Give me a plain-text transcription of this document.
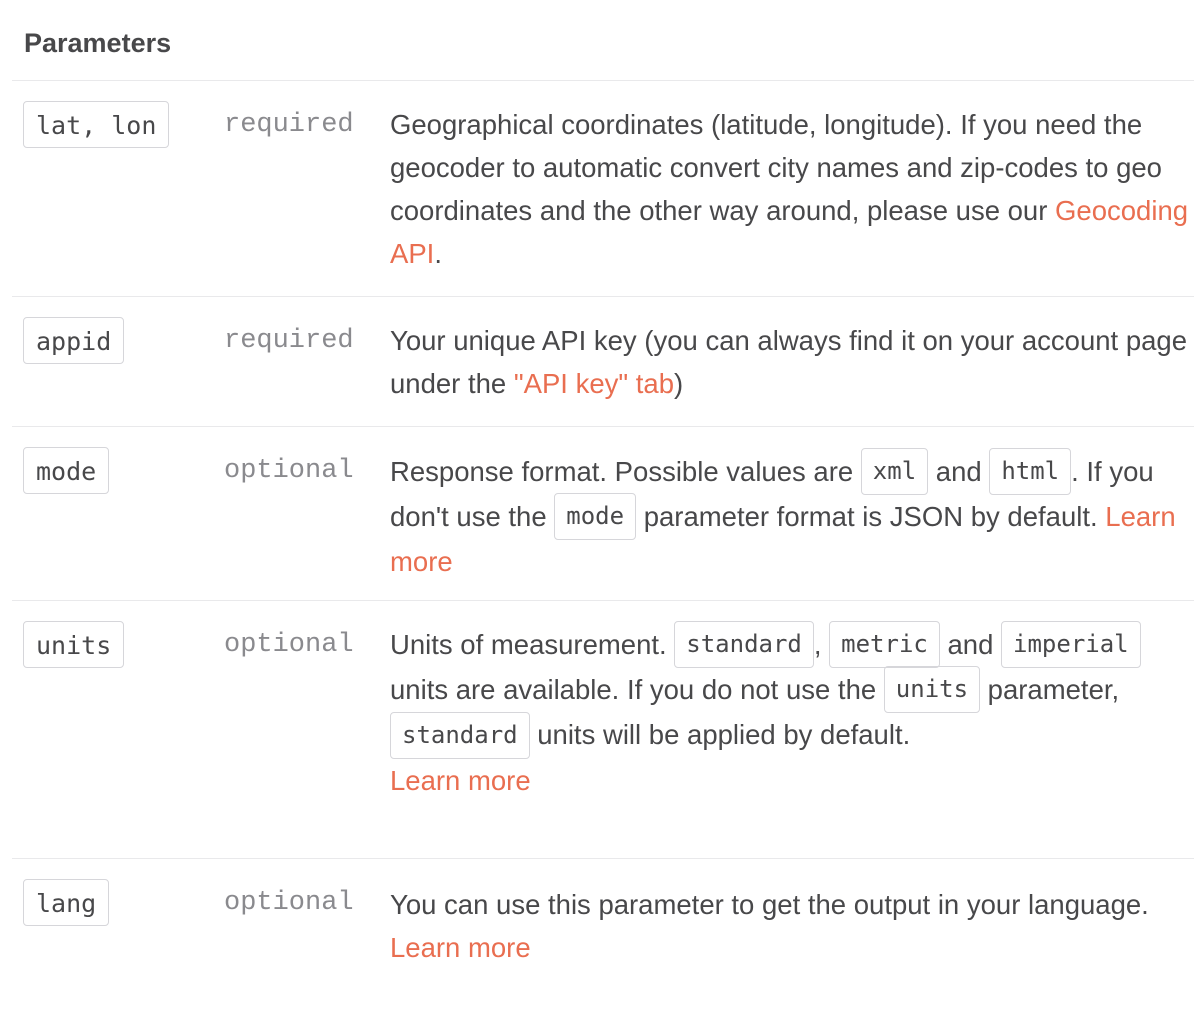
Parameters
lat, lon	required Geographical coordinates (latitude, longitude). If you need the geocoder to automatic convert city names and zip-codes to geo coordinates and the other way around, please use our Geocoding API.
appid	required Your unique API key (you can always find it on your account page under the "API key" tab)
mode	optional Response format. Possible values are xml and html . If you don't use the mode parameter format is JSON by default. Learn more
units	optional Units of measurement. standard , metric and imperial units are available. If you do not use the units parameter, standard units will be applied by default.
Learn more
lang	optional You can use this parameter to get the output in your language. Learn more
